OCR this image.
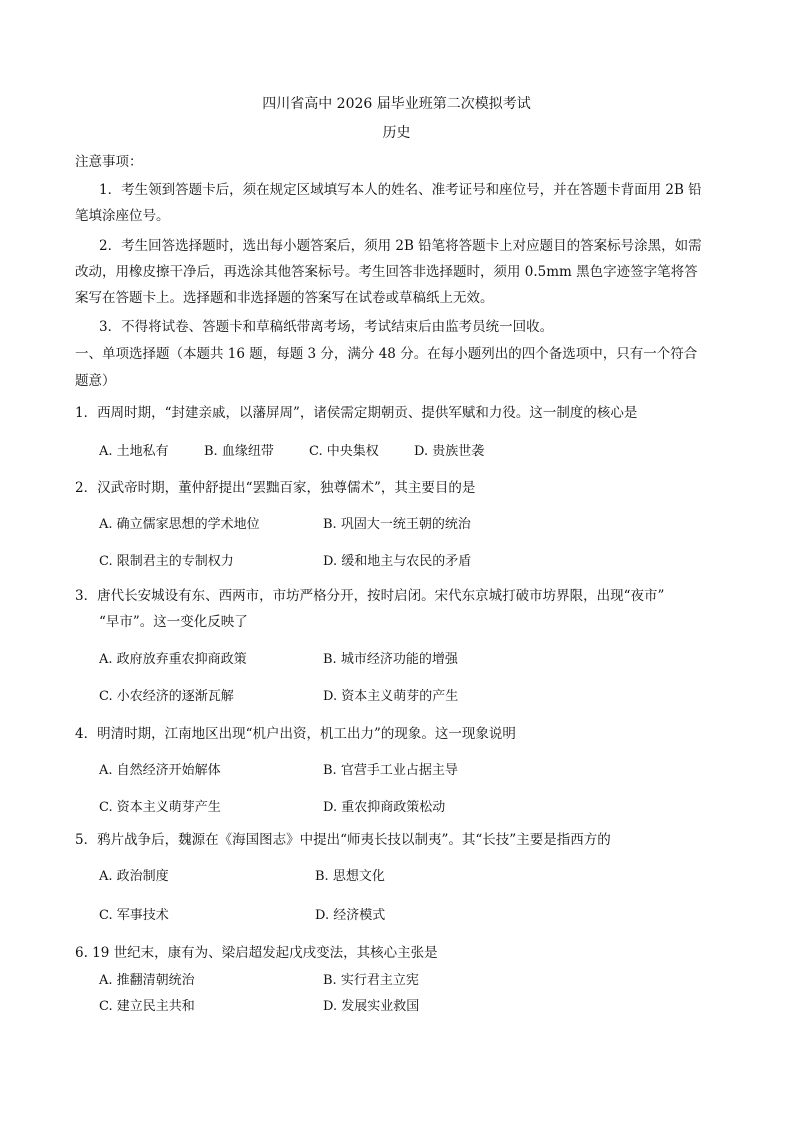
四川省高中 2026 届毕业班第二次模拟考试
历史
注意事项：
1．考生领到答题卡后，须在规定区域填写本人的姓名、准考证号和座位号，并在答题卡背面用 2B 铅
笔填涂座位号。
2．考生回答选择题时，选出每小题答案后，须用 2B 铅笔将答题卡上对应题目的答案标号涂黑，如需
改动，用橡皮擦干净后，再选涂其他答案标号。考生回答非选择题时，须用 0.5mm 黑色字迹签字笔将答
案写在答题卡上。选择题和非选择题的答案写在试卷或草稿纸上无效。
3．不得将试卷、答题卡和草稿纸带离考场，考试结束后由监考员统一回收。
一、单项选择题（本题共 16 题，每题 3 分，满分 48 分。在每小题列出的四个备选项中，只有一个符合
题意）
1．西周时期，“封建亲戚，以藩屏周”，诸侯需定期朝贡、提供军赋和力役。这一制度的核心是
A. 土地私有	B. 血缘纽带	C. 中央集权	D. 贵族世袭
2．汉武帝时期，董仲舒提出“罢黜百家，独尊儒术”，其主要目的是
A. 确立儒家思想的学术地位	B. 巩固大一统王朝的统治
C. 限制君主的专制权力	D. 缓和地主与农民的矛盾
3．唐代长安城设有东、西两市，市坊严格分开，按时启闭。宋代东京城打破市坊界限，出现“夜市”
“早市”。这一变化反映了
A. 政府放弃重农抑商政策	B. 城市经济功能的增强
C. 小农经济的逐渐瓦解	D. 资本主义萌芽的产生
4．明清时期，江南地区出现“机户出资，机工出力”的现象。这一现象说明
A. 自然经济开始解体	B. 官营手工业占据主导
C. 资本主义萌芽产生	D. 重农抑商政策松动
5．鸦片战争后，魏源在《海国图志》中提出“师夷长技以制夷”。其“长技”主要是指西方的
A. 政治制度	B. 思想文化
C. 军事技术	D. 经济模式
6. 19 世纪末，康有为、梁启超发起戊戌变法，其核心主张是
A. 推翻清朝统治	B. 实行君主立宪
C. 建立民主共和	D. 发展实业救国
